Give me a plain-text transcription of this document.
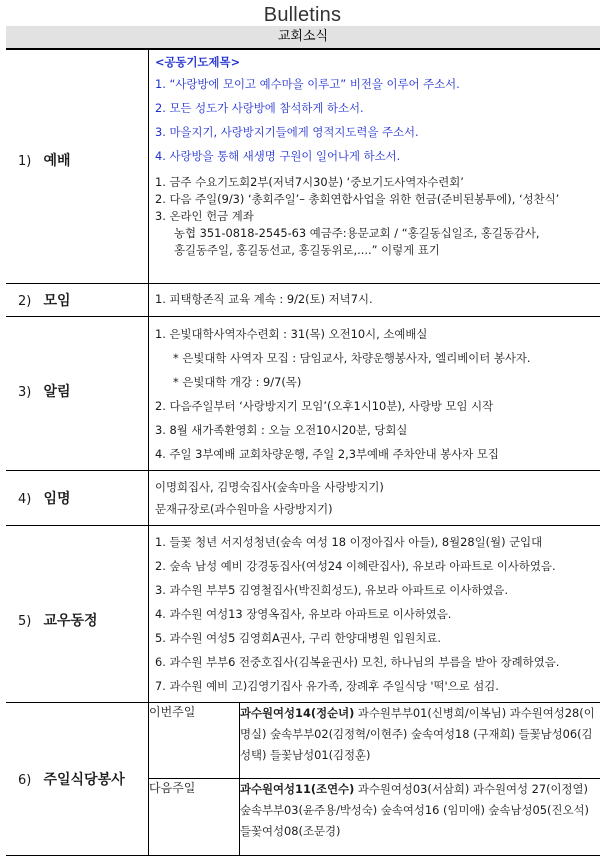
Bulletins
교회소식
1) 예배	
<공동기도제목>
1. “사랑방에 모이고 예수마을 이루고” 비전을 이루어 주소서.
2. 모든 성도가 사랑방에 참석하게 하소서.
3. 마을지기, 사랑방지기들에게 영적지도력을 주소서.
4. 사랑방을 통해 새생명 구원이 일어나게 하소서.
1. 금주 수요기도회2부(저녁7시30분) ‘중보기도사역자수련회’
2. 다음 주일(9/3) ‘총회주일’– 총회연합사업을 위한 헌금(준비된봉투에), ‘성찬식’
3. 온라인 헌금 계좌
농협 351-0818-2545-63 예금주:용문교회 / “홍길동십일조, 홍길동감사,
홍길동주일, 홍길동선교, 홍길동위로,....” 이렇게 표기

2) 모임	1. 피택항존직 교육 계속 : 9/2(토) 저녁7시.

3) 알림	
1. 은빛대학사역자수련회 : 31(목) 오전10시, 소예배실
* 은빛대학 사역자 모집 : 담임교사, 차량운행봉사자, 엘리베이터 봉사자.
* 은빛대학 개강 : 9/7(목)
2. 다음주일부터 ‘사랑방지기 모임’(오후1시10분), 사랑방 모임 시작
3. 8월 새가족환영회 : 오늘 오전10시20분, 당회실
4. 주일 3부예배 교회차량운행, 주일 2,3부예배 주차안내 봉사자 모집

4) 임명	
이명희집사, 김명숙집사(숲속마을 사랑방지기)
문재규장로(과수원마을 사랑방지기)

5) 교우동정	
1. 들꽃 청년 서지성청년(숲속 여성 18 이정아집사 아들), 8월28일(월) 군입대
2. 숲속 남성 예비 강경동집사(여성24 이혜란집사), 유보라 아파트로 이사하였음.
3. 과수원 부부5 김영철집사(박진희성도), 유보라 아파트로 이사하였음.
4. 과수원 여성13 장영옥집사, 유보라 아파트로 이사하였음.
5. 과수원 여성5 김영희A권사, 구리 한양대병원 입원치료.
6. 과수원 부부6 전중호집사(김복윤권사) 모친, 하나님의 부름을 받아 장례하였음.
7. 과수원 예비 고)김영기집사 유가족, 장례후 주일식당 '떡'으로 섬김.

6) 주일식당봉사	
이번주일	과수원여성14(정순녀) 과수원부부01(신병희/이복님) 과수원여성28(이명실) 숲속부부02(김정혁/이현주) 숲속여성18 (구재희) 들꽃남성06(김성택) 들꽃남성01(김정훈)
다음주일	과수원여성11(조연수) 과수원여성03(서삼희) 과수원여성 27(이정열) 숲속부부03(윤주용/박성숙) 숲속여성16 (임미애) 숲속남성05(진오석) 들꽃여성08(조문경)
